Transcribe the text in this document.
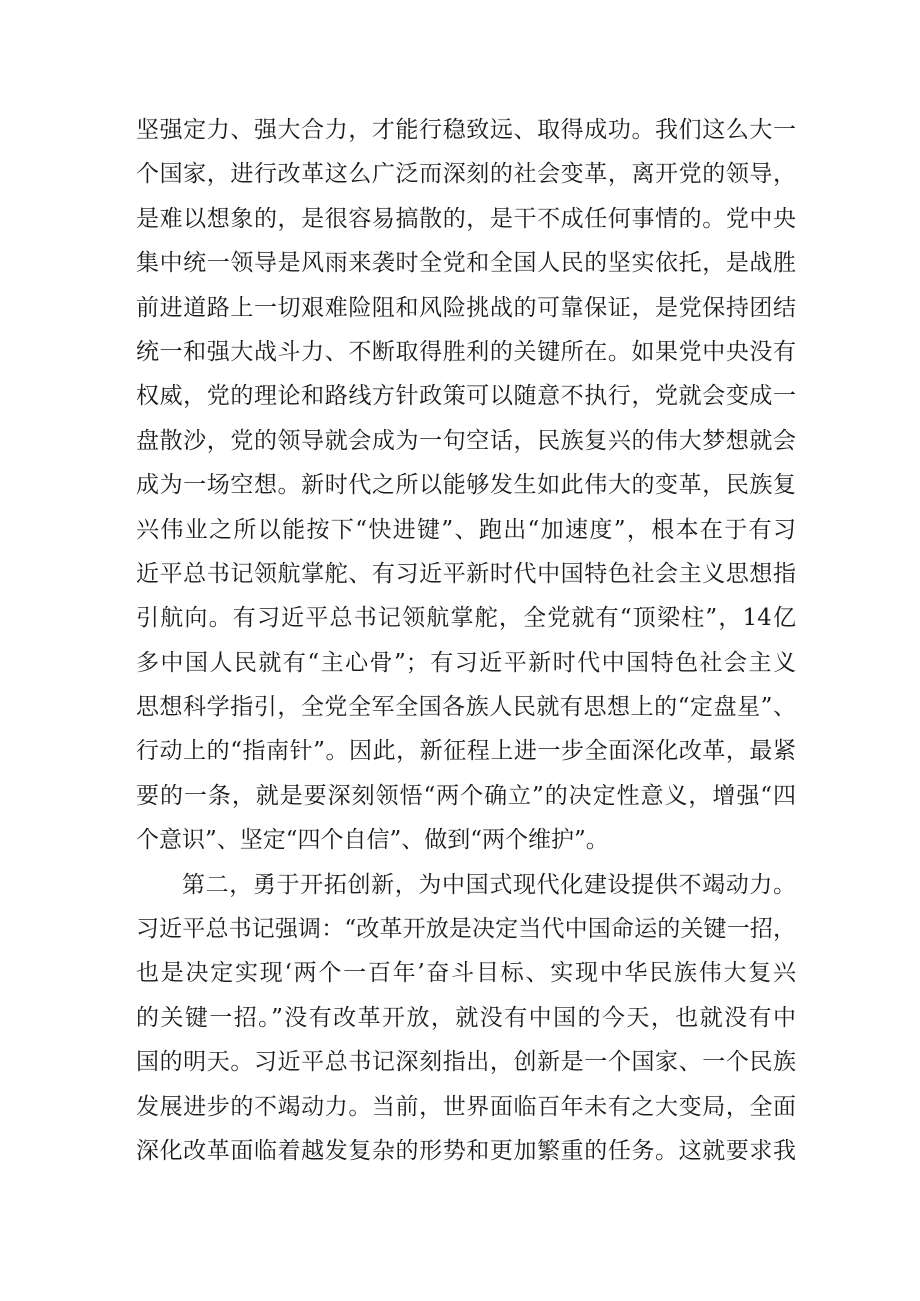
坚强定力、强大合力，才能行稳致远、取得成功。我们这么大一
个国家，进行改革这么广泛而深刻的社会变革，离开党的领导，
是难以想象的，是很容易搞散的，是干不成任何事情的。党中央
集中统一领导是风雨来袭时全党和全国人民的坚实依托，是战胜
前进道路上一切艰难险阻和风险挑战的可靠保证，是党保持团结
统一和强大战斗力、不断取得胜利的关键所在。如果党中央没有
权威，党的理论和路线方针政策可以随意不执行，党就会变成一
盘散沙，党的领导就会成为一句空话，民族复兴的伟大梦想就会
成为一场空想。新时代之所以能够发生如此伟大的变革，民族复
兴伟业之所以能按下“快进键”、跑出“加速度”，根本在于有习
近平总书记领航掌舵、有习近平新时代中国特色社会主义思想指
引航向。有习近平总书记领航掌舵，全党就有“顶梁柱”，14亿
多中国人民就有“主心骨”；有习近平新时代中国特色社会主义
思想科学指引，全党全军全国各族人民就有思想上的“定盘星”、
行动上的“指南针”。因此，新征程上进一步全面深化改革，最紧
要的一条，就是要深刻领悟“两个确立”的决定性意义，增强“四
个意识”、坚定“四个自信”、做到“两个维护”。
第二，勇于开拓创新，为中国式现代化建设提供不竭动力。
习近平总书记强调：“改革开放是决定当代中国命运的关键一招，
也是决定实现‘两个一百年’奋斗目标、实现中华民族伟大复兴
的关键一招。”没有改革开放，就没有中国的今天，也就没有中
国的明天。习近平总书记深刻指出，创新是一个国家、一个民族
发展进步的不竭动力。当前，世界面临百年未有之大变局，全面
深化改革面临着越发复杂的形势和更加繁重的任务。这就要求我
